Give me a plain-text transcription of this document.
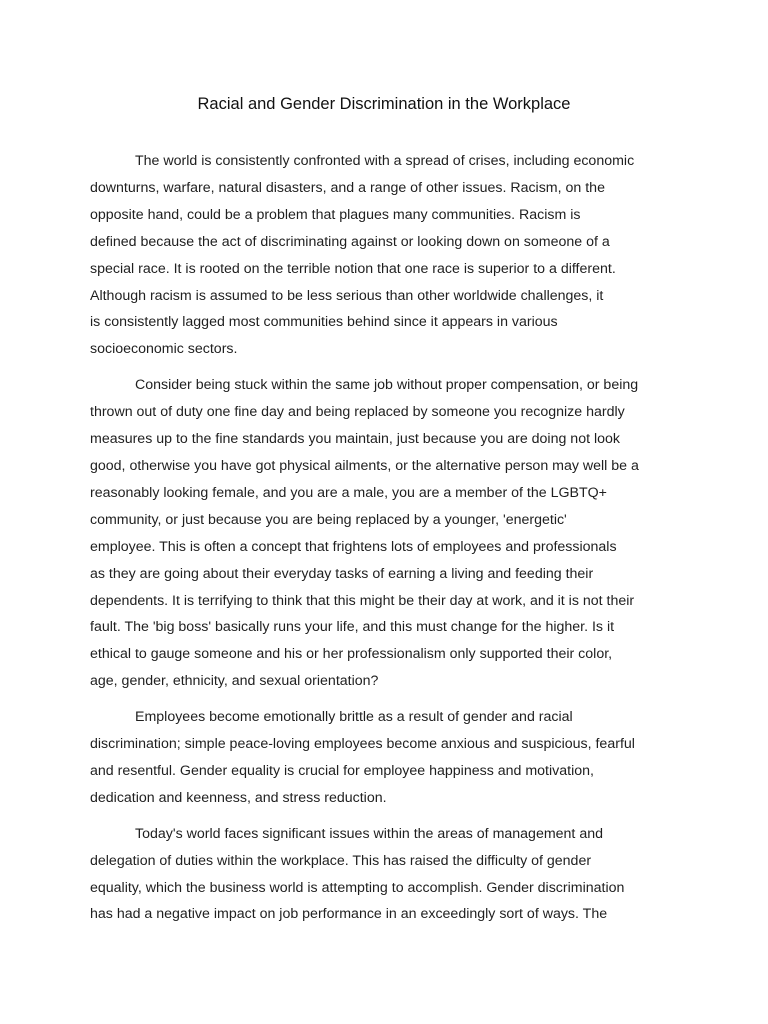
Racial and Gender Discrimination in the Workplace

The world is consistently confronted with a spread of crises, including economic
downturns, warfare, natural disasters, and a range of other issues. Racism, on the
opposite hand, could be a problem that plagues many communities. Racism is
defined because the act of discriminating against or looking down on someone of a
special race. It is rooted on the terrible notion that one race is superior to a different.
Although racism is assumed to be less serious than other worldwide challenges, it
is consistently lagged most communities behind since it appears in various
socioeconomic sectors.

Consider being stuck within the same job without proper compensation, or being
thrown out of duty one fine day and being replaced by someone you recognize hardly
measures up to the fine standards you maintain, just because you are doing not look
good, otherwise you have got physical ailments, or the alternative person may well be a
reasonably looking female, and you are a male, you are a member of the LGBTQ+
community, or just because you are being replaced by a younger, 'energetic'
employee. This is often a concept that frightens lots of employees and professionals
as they are going about their everyday tasks of earning a living and feeding their
dependents. It is terrifying to think that this might be their day at work, and it is not their
fault. The 'big boss' basically runs your life, and this must change for the higher. Is it
ethical to gauge someone and his or her professionalism only supported their color,
age, gender, ethnicity, and sexual orientation?

Employees become emotionally brittle as a result of gender and racial
discrimination; simple peace-loving employees become anxious and suspicious, fearful
and resentful. Gender equality is crucial for employee happiness and motivation,
dedication and keenness, and stress reduction.

Today's world faces significant issues within the areas of management and
delegation of duties within the workplace. This has raised the difficulty of gender
equality, which the business world is attempting to accomplish. Gender discrimination
has had a negative impact on job performance in an exceedingly sort of ways. The
